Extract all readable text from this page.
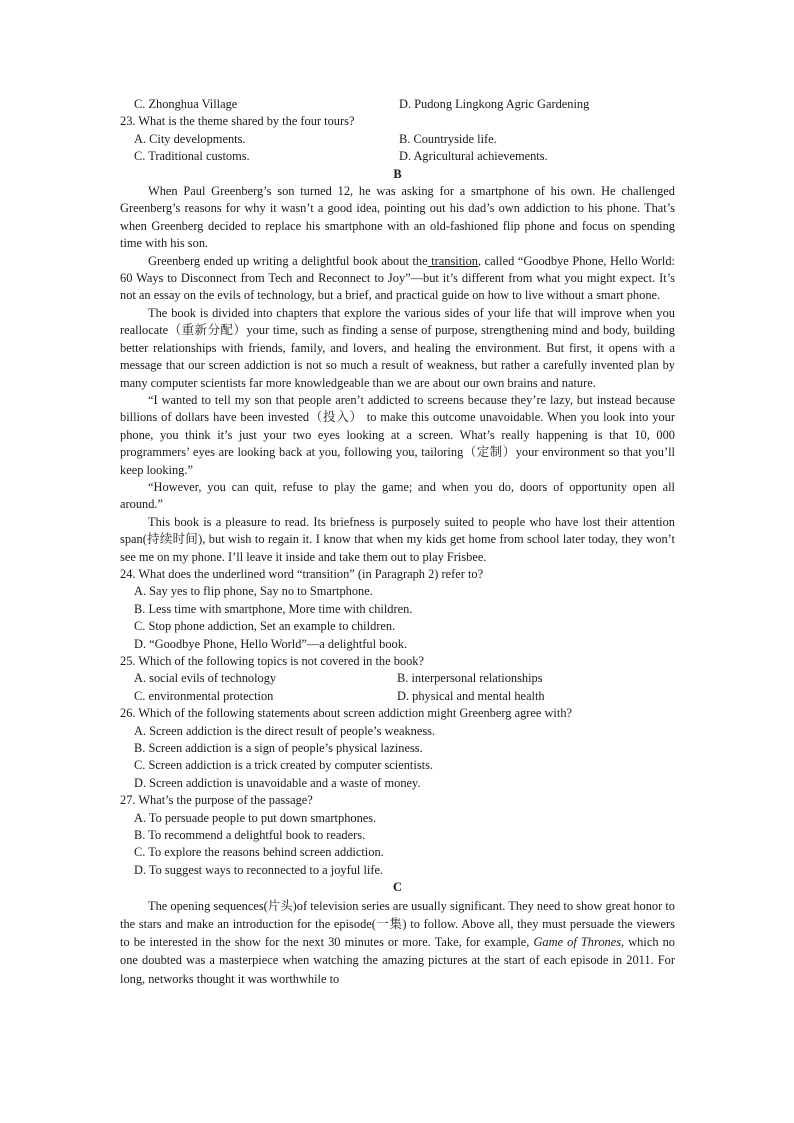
C. Zhonghua Village	D. Pudong Lingkong Agric Gardening
23. What is the theme shared by the four tours?
A. City developments.	B. Countryside life.
C. Traditional customs.	D. Agricultural achievements.
B

When Paul Greenberg’s son turned 12, he was asking for a smartphone of his own. He challenged Greenberg’s reasons for why it wasn’t a good idea, pointing out his dad’s own addiction to his phone. That’s when Greenberg decided to replace his smartphone with an old-fashioned flip phone and focus on spending time with his son.

Greenberg ended up writing a delightful book about the transition, called “Goodbye Phone, Hello World: 60 Ways to Disconnect from Tech and Reconnect to Joy”—but it’s different from what you might expect. It’s not an essay on the evils of technology, but a brief, and practical guide on how to live without a smart phone.

The book is divided into chapters that explore the various sides of your life that will improve when you reallocate（重新分配）your time, such as finding a sense of purpose, strengthening mind and body, building better relationships with friends, family, and lovers, and healing the environment. But first, it opens with a message that our screen addiction is not so much a result of weakness, but rather a carefully invented plan by many computer scientists far more knowledgeable than we are about our own brains and nature.

“I wanted to tell my son that people aren’t addicted to screens because they’re lazy, but instead because billions of dollars have been invested（投入） to make this outcome unavoidable. When you look into your phone, you think it’s just your two eyes looking at a screen. What’s really happening is that 10, 000 programmers’ eyes are looking back at you, following you, tailoring（定制）your environment so that you’ll keep looking.”

“However, you can quit, refuse to play the game; and when you do, doors of opportunity open all around.”

This book is a pleasure to read. Its briefness is purposely suited to people who have lost their attention span(持续时间), but wish to regain it. I know that when my kids get home from school later today, they won’t see me on my phone. I’ll leave it inside and take them out to play Frisbee.

24. What does the underlined word “transition” (in Paragraph 2) refer to?
A. Say yes to flip phone, Say no to Smartphone.
B. Less time with smartphone, More time with children.
C. Stop phone addiction, Set an example to children.
D. “Goodbye Phone, Hello World”—a delightful book.
25. Which of the following topics is not covered in the book?
A. social evils of technology	B. interpersonal relationships
C. environmental protection	D. physical and mental health
26. Which of the following statements about screen addiction might Greenberg agree with?
A. Screen addiction is the direct result of people’s weakness.
B. Screen addiction is a sign of people’s physical laziness.
C. Screen addiction is a trick created by computer scientists.
D. Screen addiction is unavoidable and a waste of money.
27. What’s the purpose of the passage?
A. To persuade people to put down smartphones.
B. To recommend a delightful book to readers.
C. To explore the reasons behind screen addiction.
D. To suggest ways to reconnected to a joyful life.
C

The opening sequences(片头)of television series are usually significant. They need to show great honor to the stars and make an introduction for the episode(一集) to follow. Above all, they must persuade the viewers to be interested in the show for the next 30 minutes or more. Take, for example, Game of Thrones, which no one doubted was a masterpiece when watching the amazing pictures at the start of each episode in 2011. For long, networks thought it was worthwhile to
